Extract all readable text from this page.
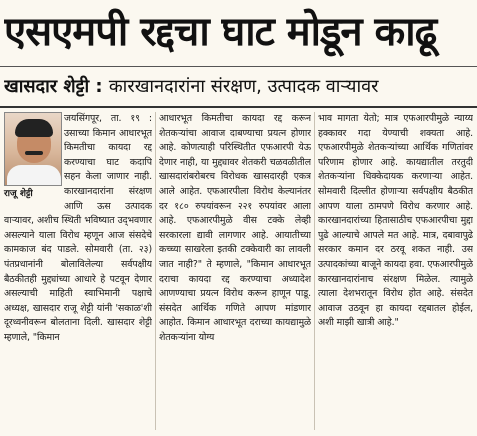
एसएमपी रद्दचा घाट मोडून काढू
खासदार शेट्टी : कारखानदारांना संरक्षण, उत्पादक वाऱ्यावर

जयसिंगपूर, ता. १९ : उसाच्या किमान आधारभूत किमतीचा कायदा रद्द करण्याचा घाट कदापि सहन केला जाणार नाही. कारखानदारांना संरक्षण आणि ऊस उत्पादक वाऱ्यावर, अशीच स्थिती भविष्यात उद्‌भवणार असल्याने याला विरोध म्हणून आज संसदेचे कामकाज बंद पाडले. सोमवारी (ता. २३) पंतप्रधानांनी बोलाविलेल्या सर्वपक्षीय बैठकीतही मुद्द्यांच्या आधारे हे पटवून देणार असल्याची माहिती स्वाभिमानी पक्षाचे अध्यक्ष, खासदार राजू शेट्टी यांनी 'सकाळ'शी दूरध्वनीवरून बोलताना दिली. खासदार शेट्टी म्हणाले, "किमान

राजू शेट्टी

आधारभूत किमतीचा कायदा रद्द करून शेतकऱ्यांचा आवाज दाबण्याचा प्रयत्न होणार आहे. कोणत्याही परिस्थितीत एफआरपी येऊ देणार नाही, या मुद्द्यावर शेतकरी चळवळीतील खासदारांबरोबरच विरोधक खासदारही एकत्र आले आहेत. एफआरपीला विरोध केल्यानंतर दर १८० रुपयांवरून २२१ रुपयांवर आला आहे. एफआरपीमुळे वीस टक्के लेव्ही सरकारला द्यावी लागणार आहे. आयातीच्या कच्च्या साखरेला इतकी टक्केवारी का लावली जात नाही?" ते म्हणाले, "किमान आधारभूत दराचा कायदा रद्द करण्याचा अध्यादेश आणण्याचा प्रयत्न विरोध करून हाणून पाडू. संसदेत आर्थिक गणिते आपण मांडणार आहोत. किमान आधारभूत दराच्या कायद्यामुळे शेतकऱ्यांना योग्य

भाव मागता येतो; मात्र एफआरपीमुळे न्याय्य हक्कावर गदा येण्याची शक्यता आहे. एफआरपीमुळे शेतकऱ्यांच्या आर्थिक गणितांवर परिणाम होणार आहे. कायद्यातील तरतुदी शेतकऱ्यांना धिक्केदायक करणाऱ्या आहेत. सोमवारी दिल्लीत होणाऱ्या सर्वपक्षीय बैठकीत आपण याला ठामपणे विरोध करणार आहे. कारखानदारांच्या हितासाठीच एफआरपीचा मुद्दा पुढे आल्याचे आपले मत आहे. मात्र, दबावापुढे सरकार कमान दर ठरवू शकत नाही. उस उत्पादकांच्या बाजूने कायदा हवा. एफआरपीमुळे कारखानदारांनाच संरक्षण मिळेल. त्यामुळे त्याला देशभरातून विरोध होत आहे. संसदेत आवाज उठवून हा कायदा रद्दबातल होईल, अशी माझी खात्री आहे."
